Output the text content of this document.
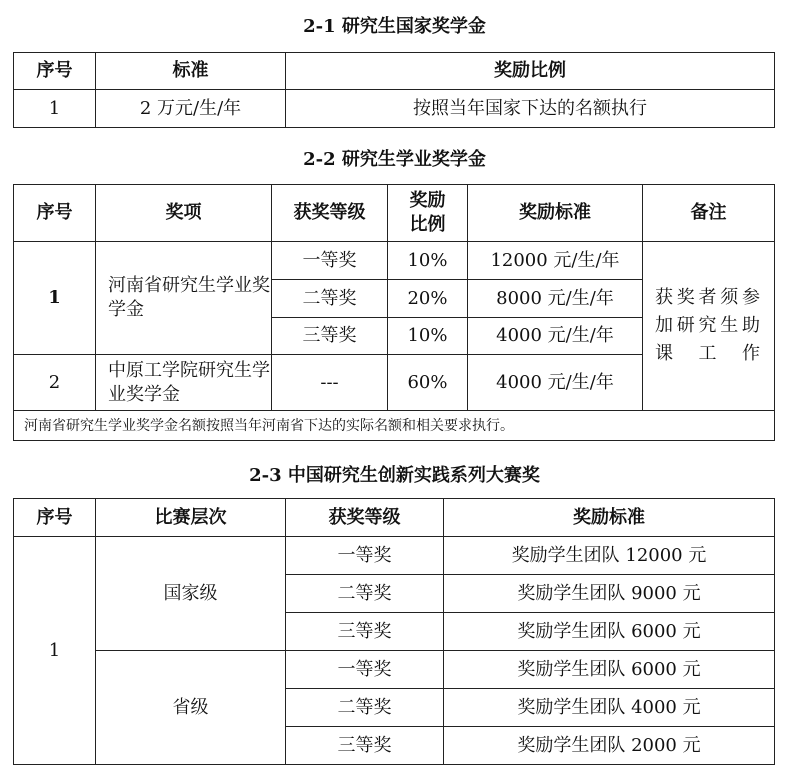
2-1 研究生国家奖学金
序号	标准	奖励比例
1	2 万元/生/年	按照当年国家下达的名额执行
2-2 研究生学业奖学金
序号	奖项	获奖等级	奖励比例	奖励标准	备注
1	河南省研究生学业奖学金	一等奖	10%	12000 元/生/年	获奖者须参加研究生助课工作
		二等奖	20%	8000 元/生/年	
		三等奖	10%	4000 元/生/年	
2	中原工学院研究生学业奖学金	---	60%	4000 元/生/年	
河南省研究生学业奖学金名额按照当年河南省下达的实际名额和相关要求执行。					
2-3 中国研究生创新实践系列大赛奖
序号	比赛层次	获奖等级	奖励标准
1	国家级	一等奖	奖励学生团队 12000 元
		二等奖	奖励学生团队 9000 元
		三等奖	奖励学生团队 6000 元
	省级	一等奖	奖励学生团队 6000 元
		二等奖	奖励学生团队 4000 元
		三等奖	奖励学生团队 2000 元
